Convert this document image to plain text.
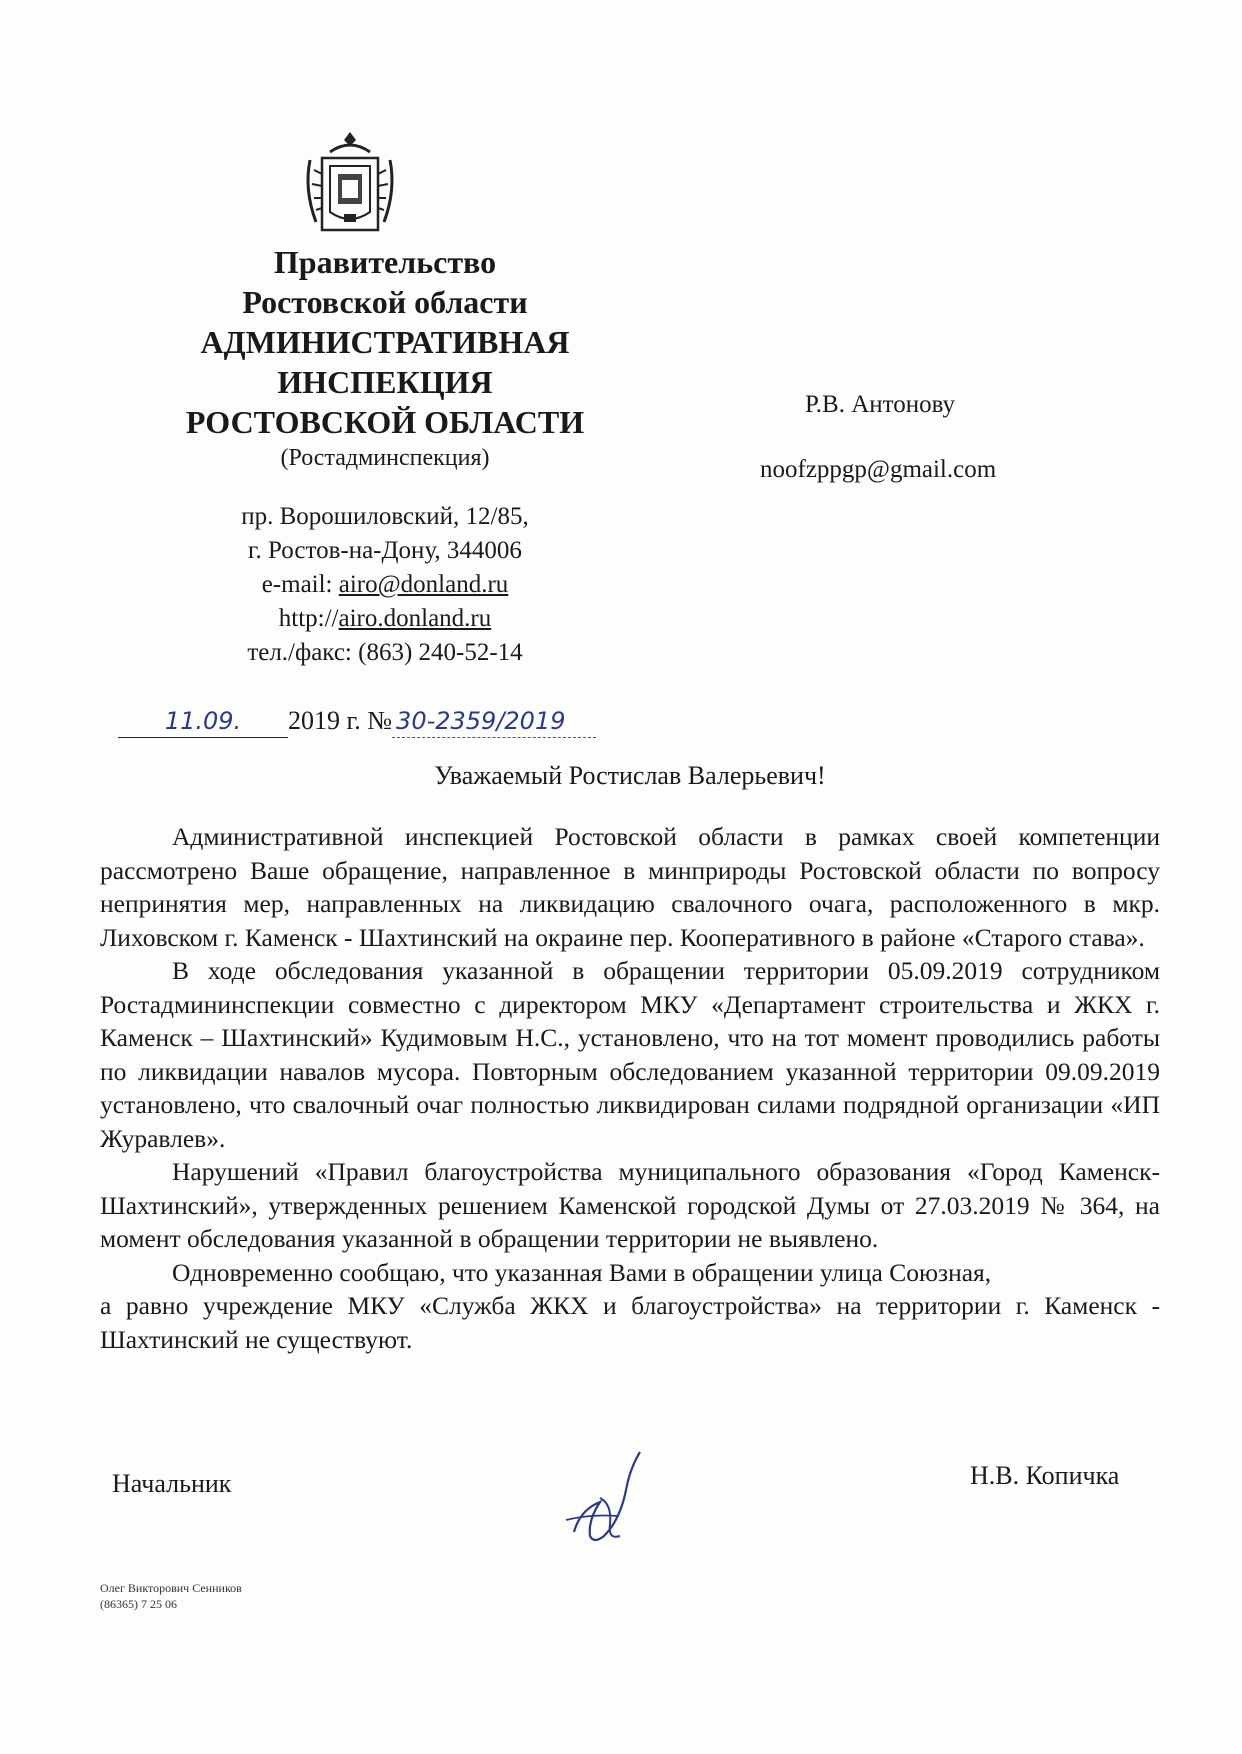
Правительство
Ростовской области
АДМИНИСТРАТИВНАЯ
ИНСПЕКЦИЯ
РОСТОВСКОЙ ОБЛАСТИ
(Ростадминспекция)
пр. Ворошиловский, 12/85,
г. Ростов-на-Дону, 344006
e-mail: airo@donland.ru
http://airo.donland.ru
тел./факс: (863) 240-52-14
Р.В. Антонову
noofzppgp@gmail.com
11.09. 2019 г. № 30-2359/2019
Уважаемый Ростислав Валерьевич!

Административной инспекцией Ростовской области в рамках своей компетенции рассмотрено Ваше обращение, направленное в минприроды Ростовской области по вопросу непринятия мер, направленных на ликвидацию свалочного очага, расположенного в мкр. Лиховском г. Каменск - Шахтинский на окраине пер. Кооперативного в районе «Старого става».

В ходе обследования указанной в обращении территории 05.09.2019 сотрудником Ростадмининспекции совместно с директором МКУ «Департамент строительства и ЖКХ г. Каменск – Шахтинский» Кудимовым Н.С., установлено, что на тот момент проводились работы по ликвидации навалов мусора. Повторным обследованием указанной территории 09.09.2019 установлено, что свалочный очаг полностью ликвидирован силами подрядной организации «ИП Журавлев».

Нарушений «Правил благоустройства муниципального образования «Город Каменск-Шахтинский», утвержденных решением Каменской городской Думы от 27.03.2019 № 364, на момент обследования указанной в обращении территории не выявлено.

Одновременно сообщаю, что указанная Вами в обращении улица Союзная,

а равно учреждение МКУ «Служба ЖКХ и благоустройства» на территории г. Каменск - Шахтинский не существуют.

Начальник	Н.В. Копичка
Олег Викторович Сенников
(86365) 7 25 06
